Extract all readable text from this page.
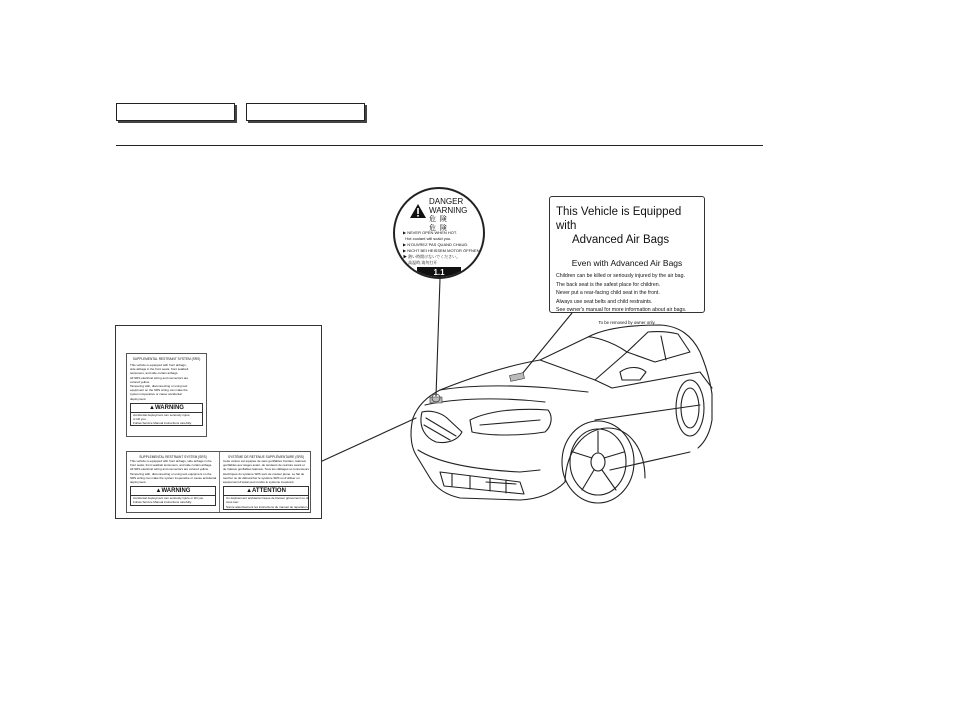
DANGER
WARNING
危 険
危 険
▶ NEVER OPEN WHEN HOT.
Hot coolant will scald you.
▶ N'OUVREZ PAS QUAND CHAUD.
▶ NICHT BEI HEISSEM MOTOR ÖFFNEN.
▶ 熱い時開けないでください。
▶ 高温時,请勿打开
1.1
This Vehicle is Equipped with
Advanced Air Bags
Even with Advanced Air Bags
Children can be killed or seriously injured by the air bag.
The back seat is the safest place for children.
Never put a rear-facing child seat in the front.
Always use seat belts and child restraints.
See owner's manual for more information about air bags.
To be removed by owner only.
SUPPLEMENTAL RESTRAINT SYSTEM (SRS)
This vehicle is equipped with front airbags,
side airbags in the front seats, front seatbelt
tensioners, and side curtain airbags.
All SRS electrical wiring and connectors are
colored yellow.
Tampering with, disconnecting or using test
equipment on the SRS wiring can make the
system inoperative or cause accidental
deployment.
▲WARNING
Accidental deployment can seriously injure
or kill you.
Follow Service Manual instructions carefully.
SUPPLEMENTAL RESTRAINT SYSTEM (SRS)
This vehicle is equipped with front airbags, side airbags in the
front seats, front seatbelt tensioners, and side curtain airbags.
All SRS electrical wiring and connectors are colored yellow.
Tampering with, disconnecting or using test equipment on the
SRS wiring can make the system inoperative or cause accidental
deployment.
▲WARNING
Accidental deployment can seriously injure or kill you.
Follow Service Manual instructions carefully.
SYSTÈME DE RETENUE SUPPLÉMENTAIRE (SRS)
Cette voiture est équipée de sacs gonflables frontaux, latéraux
gonflables aux sièges avant, de tendeurs de ceinture avant et
de rideaux gonflables latéraux. Tous les câblages et connecteurs
électriques du système SRS sont de couleur jaune. Le fait de
toucher ou de débrancher le système SRS ou d'utiliser un
équipement d'essai peut rendre le système inopérant.
▲ATTENTION
Un déploiement accidentel risque de blesser grièvement ou de
vous tuer.
Suivre attentivement les instructions du manuel de réparation.
